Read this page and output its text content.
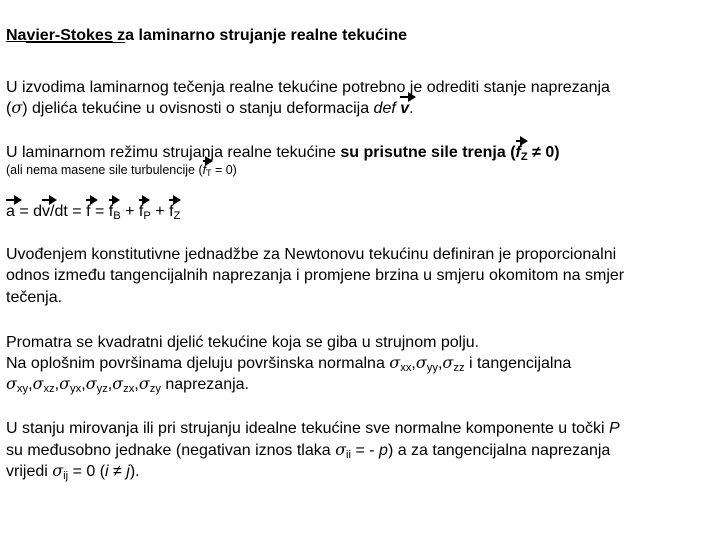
Navier-Stokes za laminarno strujanje realne tekućine
U izvodima laminarnog tečenja realne tekućine potrebno je odrediti stanje naprezanja
(σ) djelića tekućine u ovisnosti o stanju deformacija def v.
U laminarnom režimu strujanja realne tekućine su prisutne sile trenja $(f_Z \ne 0)$
(ali nema masene sile turbulencije $(f_T = 0)$
$a = dv/dt = f = f_B + f_P + f_Z$
Uvođenjem konstitutivne jednadžbe za Newtonovu tekućinu definiran je proporcionalni
odnos između tangencijalnih naprezanja i promjene brzina u smjeru okomitom na smjer
tečenja.
Promatra se kvadratni djelić tekućine koja se giba u strujnom polju.
Na oplošnim površinama djeluju površinska normalna $\sigma_{xx},\sigma_{yy},\sigma_{zz}$ i tangencijalna
$\sigma_{xy},\sigma_{xz},\sigma_{yx},\sigma_{yz},\sigma_{zx},\sigma_{zy}$ naprezanja.
U stanju mirovanja ili pri strujanju idealne tekućine sve normalne komponente u točki P
su međusobno jednake (negativan iznos tlaka $\sigma_{ii}$ = - p) a za tangencijalna naprezanja
vrijedi $\sigma_{ij} = 0$ (i ≠ j).
